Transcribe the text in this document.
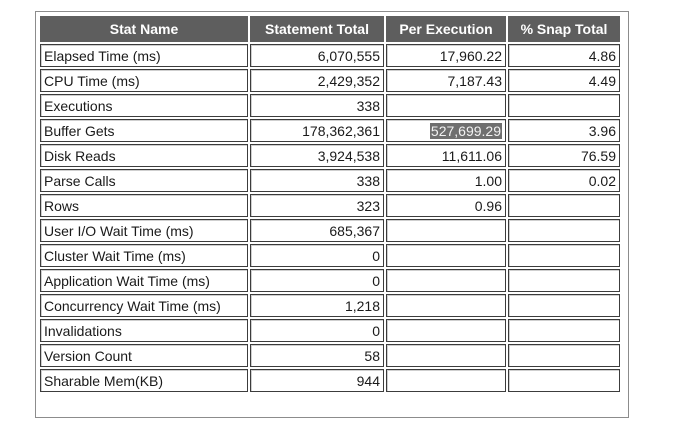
Stat Name	Statement Total	Per Execution	% Snap Total
Elapsed Time (ms)	6,070,555	17,960.22	4.86
CPU Time (ms)	2,429,352	7,187.43	4.49
Executions	338		
Buffer Gets	178,362,361	527,699.29	3.96
Disk Reads	3,924,538	11,611.06	76.59
Parse Calls	338	1.00	0.02
Rows	323	0.96	
User I/O Wait Time (ms)	685,367		
Cluster Wait Time (ms)	0		
Application Wait Time (ms)	0		
Concurrency Wait Time (ms)	1,218		
Invalidations	0		
Version Count	58		
Sharable Mem(KB)	944		
